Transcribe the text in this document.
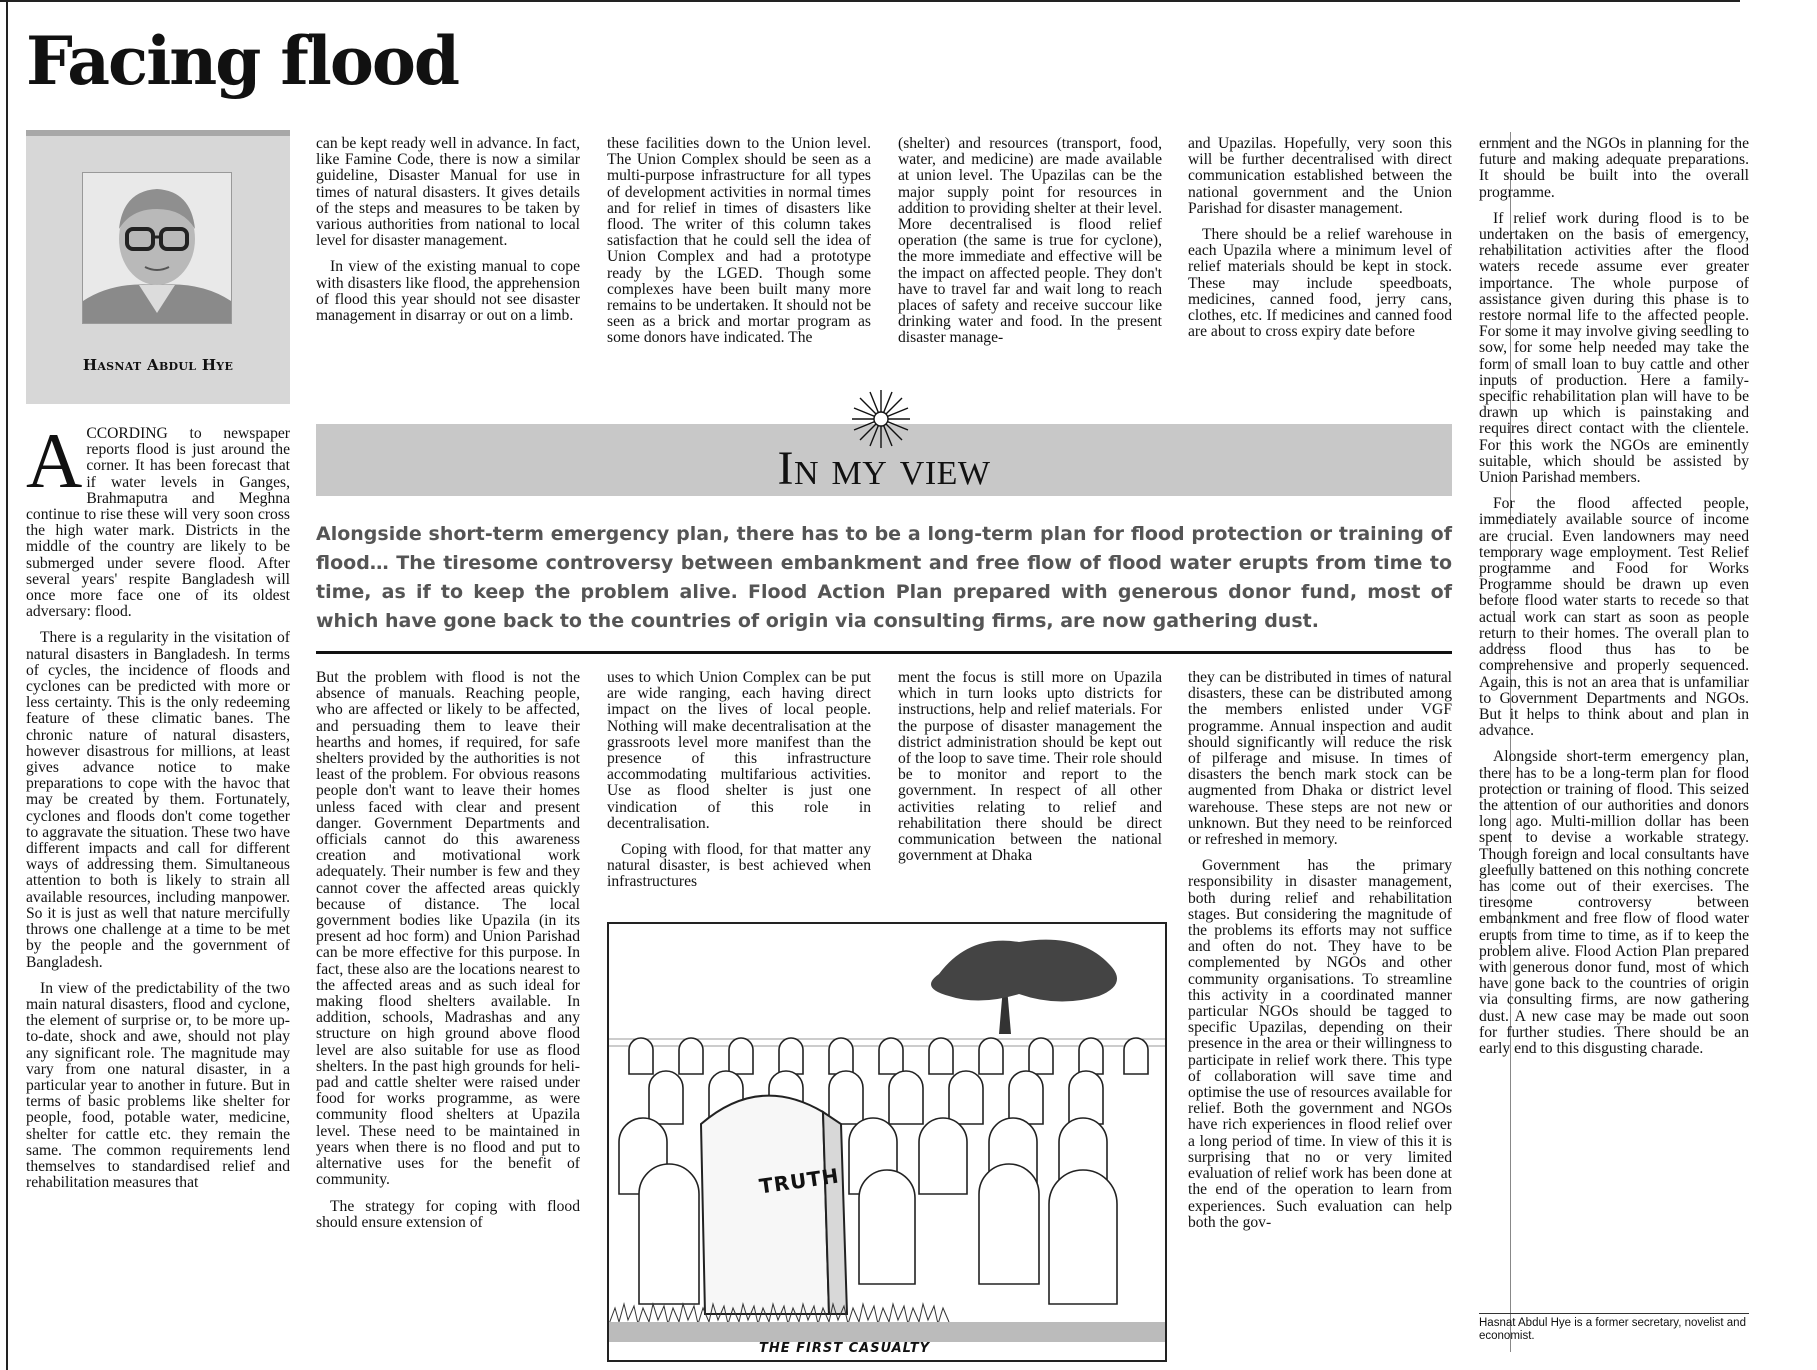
Facing flood
Hasnat Abdul Hye

ACCORDING to newspaper reports flood is just around the corner. It has been forecast that if water levels in Ganges, Brahmaputra and Meghna continue to rise these will very soon cross the high water mark. Districts in the middle of the country are likely to be submerged under severe flood. After several years' respite Bangladesh will once more face one of its oldest adversary: flood.

There is a regularity in the visitation of natural disasters in Bangladesh. In terms of cycles, the incidence of floods and cyclones can be predicted with more or less certainty. This is the only redeeming feature of these climatic banes. The chronic nature of natural disasters, however disastrous for millions, at least gives advance notice to make preparations to cope with the havoc that may be created by them. Fortunately, cyclones and floods don't come together to aggravate the situation. These two have different impacts and call for different ways of addressing them. Simultaneous attention to both is likely to strain all available resources, including manpower. So it is just as well that nature mercifully throws one challenge at a time to be met by the people and the government of Bangladesh.

In view of the predictability of the two main natural disasters, flood and cyclone, the element of surprise or, to be more up-to-date, shock and awe, should not play any significant role. The magnitude may vary from one natural disaster, in a particular year to another in future. But in terms of basic problems like shelter for people, food, potable water, medicine, shelter for cattle etc. they remain the same. The common requirements lend themselves to standardised relief and rehabilitation measures that

can be kept ready well in advance. In fact, like Famine Code, there is now a similar guideline, Disaster Manual for use in times of natural disasters. It gives details of the steps and measures to be taken by various authorities from national to local level for disaster management.

In view of the existing manual to cope with disasters like flood, the apprehension of flood this year should not see disaster management in disarray or out on a limb.

these facilities down to the Union level. The Union Complex should be seen as a multi-purpose infrastructure for all types of development activities in normal times and for relief in times of disasters like flood. The writer of this column takes satisfaction that he could sell the idea of Union Complex and had a prototype ready by the LGED. Though some complexes have been built many more remains to be undertaken. It should not be seen as a brick and mortar program as some donors have indicated. The

(shelter) and resources (transport, food, water, and medicine) are made available at union level. The Upazilas can be the major supply point for resources in addition to providing shelter at their level. More decentralised is flood relief operation (the same is true for cyclone), the more immediate and effective will be the impact on affected people. They don't have to travel far and wait long to reach places of safety and receive succour like drinking water and food. In the present disaster manage-

and Upazilas. Hopefully, very soon this will be further decentralised with direct communication established between the national government and the Union Parishad for disaster management.

There should be a relief warehouse in each Upazila where a minimum level of relief materials should be kept in stock. These may include speedboats, medicines, canned food, jerry cans, clothes, etc. If medicines and canned food are about to cross expiry date before

In my view

Alongside short-term emergency plan, there has to be a long-term plan for flood protection or training of flood… The tiresome controversy between embankment and free flow of flood water erupts from time to time, as if to keep the problem alive. Flood Action Plan prepared with generous donor fund, most of which have gone back to the countries of origin via consulting firms, are now gathering dust.

But the problem with flood is not the absence of manuals. Reaching people, who are affected or likely to be affected, and persuading them to leave their hearths and homes, if required, for safe shelters provided by the authorities is not least of the problem. For obvious reasons people don't want to leave their homes unless faced with clear and present danger. Government Departments and officials cannot do this awareness creation and motivational work adequately. Their number is few and they cannot cover the affected areas quickly because of distance. The local government bodies like Upazila (in its present ad hoc form) and Union Parishad can be more effective for this purpose. In fact, these also are the locations nearest to the affected areas and as such ideal for making flood shelters available. In addition, schools, Madrashas and any structure on high ground above flood level are also suitable for use as flood shelters. In the past high grounds for heli-pad and cattle shelter were raised under food for works programme, as were community flood shelters at Upazila level. These need to be maintained in years when there is no flood and put to alternative uses for the benefit of community.

The strategy for coping with flood should ensure extension of

uses to which Union Complex can be put are wide ranging, each having direct impact on the lives of local people. Nothing will make decentralisation at the grassroots level more manifest than the presence of this infrastructure accommodating multifarious activities. Use as flood shelter is just one vindication of this role in decentralisation.

Coping with flood, for that matter any natural disaster, is best achieved when infrastructures

ment the focus is still more on Upazila which in turn looks upto districts for instructions, help and relief materials. For the purpose of disaster management the district administration should be kept out of the loop to save time. Their role should be to monitor and report to the government. In respect of all other activities relating to relief and rehabilitation there should be direct communication between the national government at Dhaka

they can be distributed in times of natural disasters, these can be distributed among the members enlisted under VGF programme. Annual inspection and audit should significantly will reduce the risk of pilferage and misuse. In times of disasters the bench mark stock can be augmented from Dhaka or district level warehouse. These steps are not new or unknown. But they need to be reinforced or refreshed in memory.

Government has the primary responsibility in disaster management, both during relief and rehabilitation stages. But considering the magnitude of the problems its efforts may not suffice and often do not. They have to be complemented by NGOs and other community organisations. To streamline this activity in a coordinated manner particular NGOs should be tagged to specific Upazilas, depending on their presence in the area or their willingness to participate in relief work there. This type of collaboration will save time and optimise the use of resources available for relief. Both the government and NGOs have rich experiences in flood relief over a long period of time. In view of this it is surprising that no or very limited evaluation of relief work has been done at the end of the operation to learn from experiences. Such evaluation can help both the gov-

ernment and the NGOs in planning for the future and making adequate preparations. It should be built into the overall programme.

If relief work during flood is to be undertaken on the basis of emergency, rehabilitation activities after the flood waters recede assume ever greater importance. The whole purpose of assistance given during this phase is to restore normal life to the affected people. For some it may involve giving seedling to sow, for some help needed may take the form of small loan to buy cattle and other inputs of production. Here a family-specific rehabilitation plan will have to be drawn up which is painstaking and requires direct contact with the clientele. For this work the NGOs are eminently suitable, which should be assisted by Union Parishad members.

For the flood affected people, immediately available source of income are crucial. Even landowners may need temporary wage employment. Test Relief programme and Food for Works Programme should be drawn up even before flood water starts to recede so that actual work can start as soon as people return to their homes. The overall plan to address flood thus has to be comprehensive and properly sequenced. Again, this is not an area that is unfamiliar to Government Departments and NGOs. But it helps to think about and plan in advance.

Alongside short-term emergency plan, there has to be a long-term plan for flood protection or training of flood. This seized the attention of our authorities and donors long ago. Multi-million dollar has been spent to devise a workable strategy. Though foreign and local consultants have gleefully battened on this nothing concrete has come out of their exercises. The tiresome controversy between embankment and free flow of flood water erupts from time to time, as if to keep the problem alive. Flood Action Plan prepared with generous donor fund, most of which have gone back to the countries of origin via consulting firms, are now gathering dust. A new case may be made out soon for further studies. There should be an early end to this disgusting charade.

TRUTH
THE FIRST CASUALTY

Hasnat Abdul Hye is a former secretary, novelist and economist.
